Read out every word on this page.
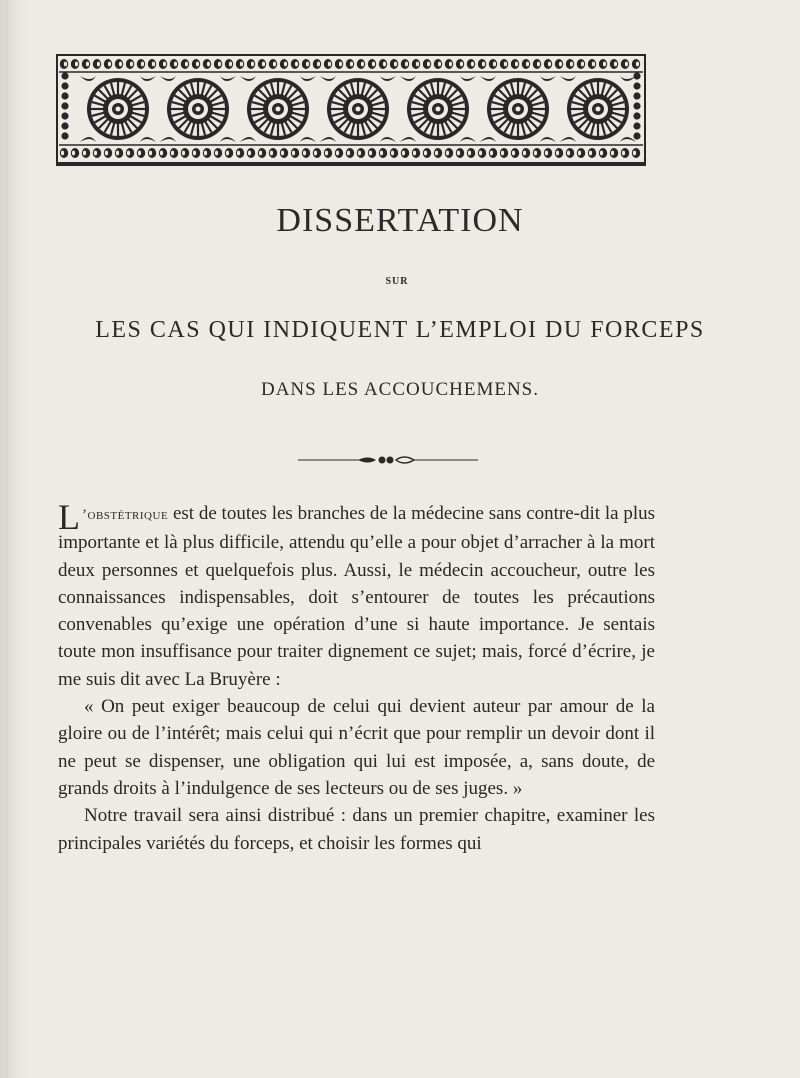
DISSERTATION
SUR
LES CAS QUI INDIQUENT L’EMPLOI DU FORCEPS
DANS LES ACCOUCHEMENS.

L ’obstétrique est de toutes les branches de la médecine sans contre-dit la plus importante et là plus difficile, attendu qu’elle a pour objet d’arracher à la mort deux personnes et quelquefois plus. Aussi, le médecin accoucheur, outre les connaissances indispensables, doit s’entourer de toutes les précautions convenables qu’exige une opération d’une si haute importance. Je sentais toute mon insuffisance pour traiter dignement ce sujet; mais, forcé d’écrire, je me suis dit avec La Bruyère :

« On peut exiger beaucoup de celui qui devient auteur par amour de la gloire ou de l’intérêt; mais celui qui n’écrit que pour remplir un devoir dont il ne peut se dispenser, une obligation qui lui est imposée, a, sans doute, de grands droits à l’indulgence de ses lecteurs ou de ses juges. »

Notre travail sera ainsi distribué : dans un premier chapitre, examiner les principales variétés du forceps, et choisir les formes qui
